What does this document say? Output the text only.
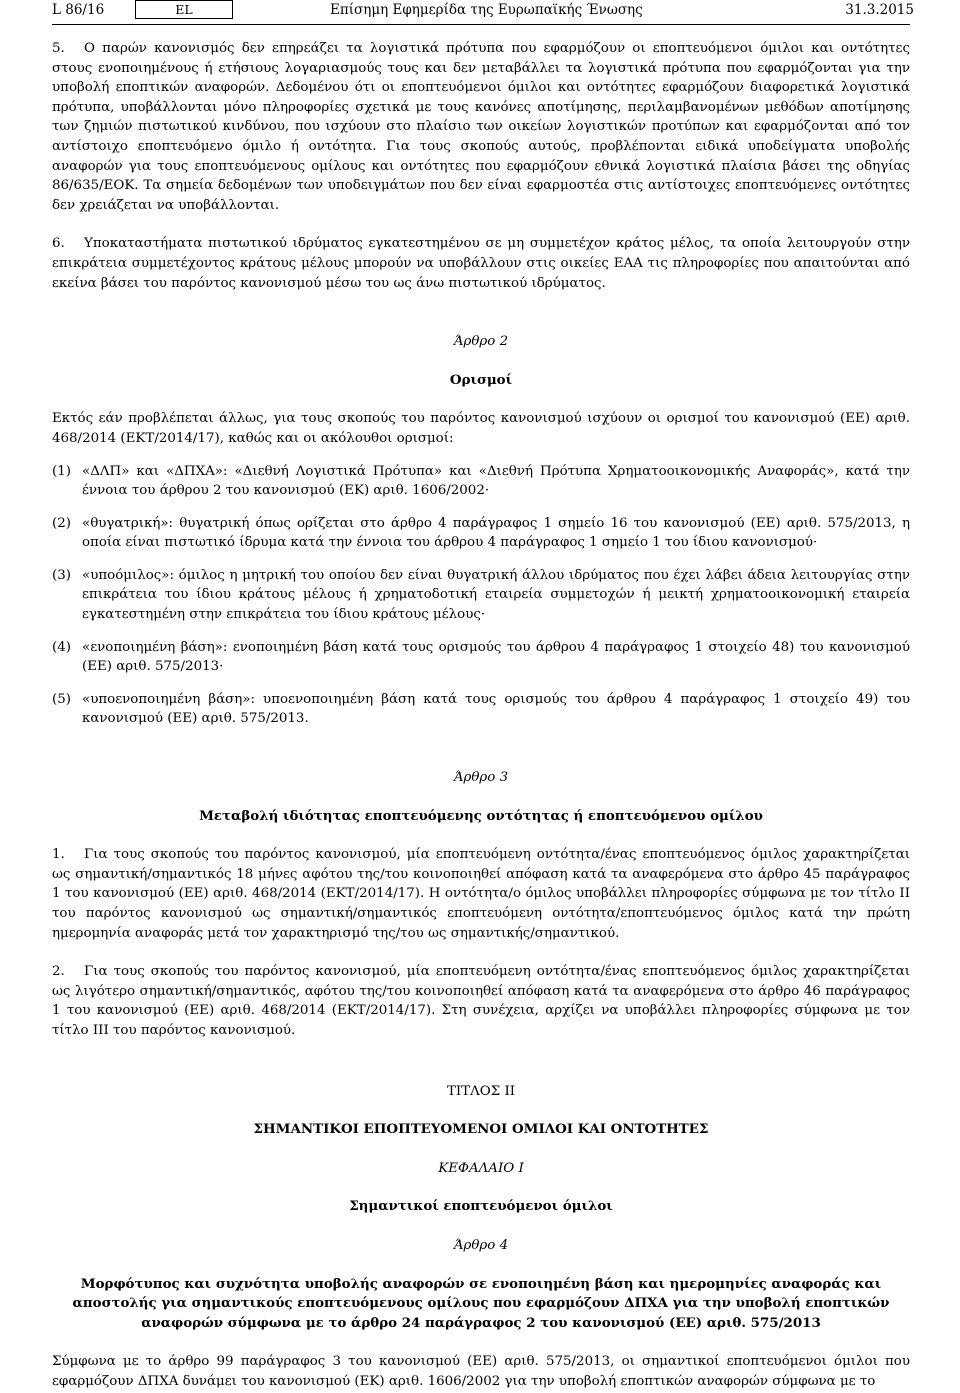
L 86/16	EL	Επίσημη Εφημερίδα της Ευρωπαϊκής Ένωσης	31.3.2015

5. Ο παρών κανονισμός δεν επηρεάζει τα λογιστικά πρότυπα που εφαρμόζουν οι εποπτευόμενοι όμιλοι και οντότητες στους ενοποιημένους ή ετήσιους λογαριασμούς τους και δεν μεταβάλλει τα λογιστικά πρότυπα που εφαρμόζονται για την υποβολή εποπτικών αναφορών. Δεδομένου ότι οι εποπτευόμενοι όμιλοι και οντότητες εφαρμόζουν διαφορετικά λογιστικά πρότυπα, υποβάλλονται μόνο πληροφορίες σχετικά με τους κανόνες αποτίμησης, περιλαμβανομένων μεθόδων αποτίμησης των ζημιών πιστωτικού κινδύνου, που ισχύουν στο πλαίσιο των οικείων λογιστικών προτύπων και εφαρμόζονται από τον αντίστοιχο εποπτευόμενο όμιλο ή οντότητα. Για τους σκοπούς αυτούς, προβλέπονται ειδικά υποδείγματα υποβολής αναφορών για τους εποπτευόμενους ομίλους και οντότητες που εφαρμόζουν εθνικά λογιστικά πλαίσια βάσει της οδηγίας 86/635/ΕΟΚ. Τα σημεία δεδομένων των υποδειγμάτων που δεν είναι εφαρμοστέα στις αντίστοιχες εποπτευόμενες οντότητες δεν χρειάζεται να υποβάλλονται.

6. Υποκαταστήματα πιστωτικού ιδρύματος εγκατεστημένου σε μη συμμετέχον κράτος μέλος, τα οποία λειτουργούν στην επικράτεια συμμετέχοντος κράτους μέλους μπορούν να υποβάλλουν στις οικείες ΕΑΑ τις πληροφορίες που απαιτούνται από εκείνα βάσει του παρόντος κανονισμού μέσω του ως άνω πιστωτικού ιδρύματος.

Άρθρο 2
Ορισμοί

Εκτός εάν προβλέπεται άλλως, για τους σκοπούς του παρόντος κανονισμού ισχύουν οι ορισμοί του κανονισμού (ΕΕ) αριθ. 468/2014 (ΕΚΤ/2014/17), καθώς και οι ακόλουθοι ορισμοί:

(1) «ΔΛΠ» και «ΔΠΧΑ»: «Διεθνή Λογιστικά Πρότυπα» και «Διεθνή Πρότυπα Χρηματοοικονομικής Αναφοράς», κατά την έννοια του άρθρου 2 του κανονισμού (ΕΚ) αριθ. 1606/2002·
(2) «θυγατρική»: θυγατρική όπως ορίζεται στο άρθρο 4 παράγραφος 1 σημείο 16 του κανονισμού (ΕΕ) αριθ. 575/2013, η οποία είναι πιστωτικό ίδρυμα κατά την έννοια του άρθρου 4 παράγραφος 1 σημείο 1 του ίδιου κανονισμού·
(3) «υποόμιλος»: όμιλος η μητρική του οποίου δεν είναι θυγατρική άλλου ιδρύματος που έχει λάβει άδεια λειτουργίας στην επικράτεια του ίδιου κράτους μέλους ή χρηματοδοτική εταιρεία συμμετοχών ή μεικτή χρηματοοικονομική εταιρεία εγκατεστημένη στην επικράτεια του ίδιου κράτους μέλους·
(4) «ενοποιημένη βάση»: ενοποιημένη βάση κατά τους ορισμούς του άρθρου 4 παράγραφος 1 στοιχείο 48) του κανονισμού (ΕΕ) αριθ. 575/2013·
(5) «υποενοποιημένη βάση»: υποενοποιημένη βάση κατά τους ορισμούς του άρθρου 4 παράγραφος 1 στοιχείο 49) του κανονισμού (ΕΕ) αριθ. 575/2013.
Άρθρο 3
Μεταβολή ιδιότητας εποπτευόμενης οντότητας ή εποπτευόμενου ομίλου

1. Για τους σκοπούς του παρόντος κανονισμού, μία εποπτευόμενη οντότητα/ένας εποπτευόμενος όμιλος χαρακτηρίζεται ως σημαντική/σημαντικός 18 μήνες αφότου της/του κοινοποιηθεί απόφαση κατά τα αναφερόμενα στο άρθρο 45 παράγραφος 1 του κανονισμού (ΕΕ) αριθ. 468/2014 (ΕΚΤ/2014/17). Η οντότητα/ο όμιλος υποβάλλει πληροφορίες σύμφωνα με τον τίτλο II του παρόντος κανονισμού ως σημαντική/σημαντικός εποπτευόμενη οντότητα/εποπτευόμενος όμιλος κατά την πρώτη ημερομηνία αναφοράς μετά τον χαρακτηρισμό της/του ως σημαντικής/σημαντικού.

2. Για τους σκοπούς του παρόντος κανονισμού, μία εποπτευόμενη οντότητα/ένας εποπτευόμενος όμιλος χαρακτηρίζεται ως λιγότερο σημαντική/σημαντικός, αφότου της/του κοινοποιηθεί απόφαση κατά τα αναφερόμενα στο άρθρο 46 παράγραφος 1 του κανονισμού (ΕΕ) αριθ. 468/2014 (ΕΚΤ/2014/17). Στη συνέχεια, αρχίζει να υποβάλλει πληροφορίες σύμφωνα με τον τίτλο III του παρόντος κανονισμού.

ΤΙΤΛΟΣ II
ΣΗΜΑΝΤΙΚΟΙ ΕΠΟΠΤΕΥΟΜΕΝΟΙ ΟΜΙΛΟΙ ΚΑΙ ΟΝΤΟΤΗΤΕΣ
ΚΕΦΑΛΑΙΟ I
Σημαντικοί εποπτευόμενοι όμιλοι
Άρθρο 4
Μορφότυπος και συχνότητα υποβολής αναφορών σε ενοποιημένη βάση και ημερομηνίες αναφοράς και αποστολής για σημαντικούς εποπτευόμενους ομίλους που εφαρμόζουν ΔΠΧΑ για την υποβολή εποπτικών αναφορών σύμφωνα με το άρθρο 24 παράγραφος 2 του κανονισμού (ΕΕ) αριθ. 575/2013

Σύμφωνα με το άρθρο 99 παράγραφος 3 του κανονισμού (ΕΕ) αριθ. 575/2013, οι σημαντικοί εποπτευόμενοι όμιλοι που εφαρμόζουν ΔΠΧΑ δυνάμει του κανονισμού (ΕΚ) αριθ. 1606/2002 για την υποβολή εποπτικών αναφορών σύμφωνα με το
